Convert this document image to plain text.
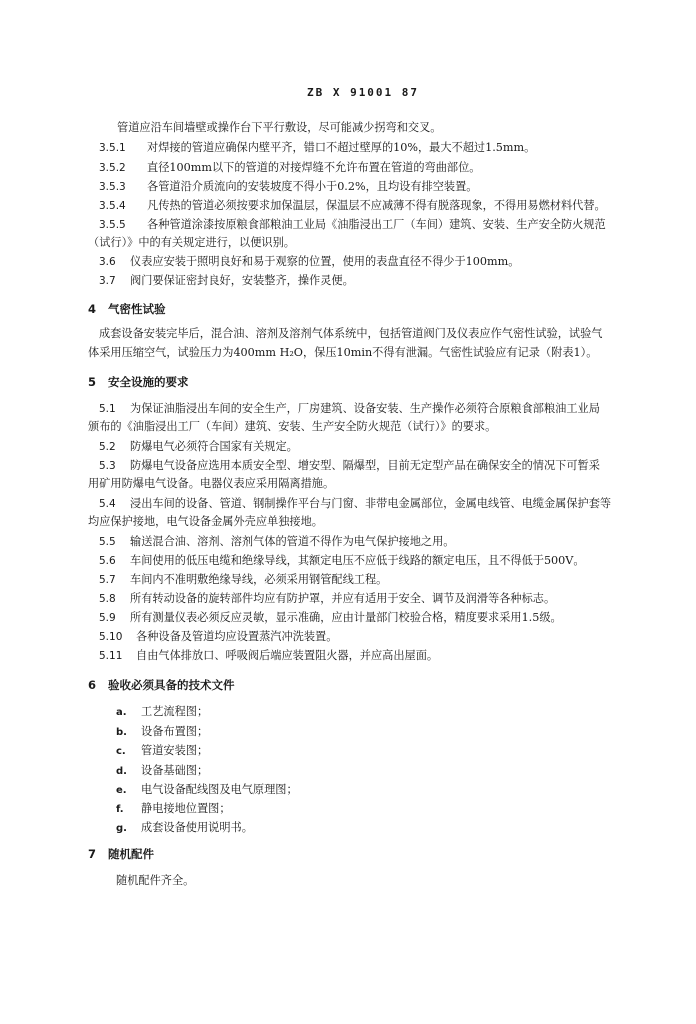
ZB X 91001 87
管道应沿车间墙壁或操作台下平行敷设，尽可能减少拐弯和交叉。
3.5.1 对焊接的管道应确保内壁平齐，错口不超过壁厚的10%，最大不超过1.5mm。
3.5.2 直径100mm以下的管道的对接焊缝不允许布置在管道的弯曲部位。
3.5.3 各管道沿介质流向的安装坡度不得小于0.2%，且均设有排空装置。
3.5.4 凡传热的管道必须按要求加保温层，保温层不应减薄不得有脱落现象，不得用易燃材料代替。
3.5.5 各种管道涂漆按原粮食部粮油工业局《油脂浸出工厂（车间）建筑、安装、生产安全防火规范
（试行）》中的有关规定进行，以便识别。
3.6 仪表应安装于照明良好和易于观察的位置，使用的表盘直径不得少于100mm。
3.7 阀门要保证密封良好，安装整齐，操作灵便。
4 气密性试验
成套设备安装完毕后，混合油、溶剂及溶剂气体系统中，包括管道阀门及仪表应作气密性试验，试验气
体采用压缩空气，试验压力为400mm H₂O，保压10min不得有泄漏。气密性试验应有记录（附表1）。
5 安全设施的要求
5.1 为保证油脂浸出车间的安全生产，厂房建筑、设备安装、生产操作必须符合原粮食部粮油工业局
颁布的《油脂浸出工厂（车间）建筑、安装、生产安全防火规范（试行）》的要求。
5.2 防爆电气必须符合国家有关规定。
5.3 防爆电气设备应选用本质安全型、增安型、隔爆型，目前无定型产品在确保安全的情况下可暂采
用矿用防爆电气设备。电器仪表应采用隔离措施。
5.4 浸出车间的设备、管道、钢制操作平台与门窗、非带电金属部位，金属电线管、电缆金属保护套等
均应保护接地，电气设备金属外壳应单独接地。
5.5 输送混合油、溶剂、溶剂气体的管道不得作为电气保护接地之用。
5.6 车间使用的低压电缆和绝缘导线，其额定电压不应低于线路的额定电压，且不得低于500V。
5.7 车间内不准明敷绝缘导线，必须采用钢管配线工程。
5.8 所有转动设备的旋转部件均应有防护罩，并应有适用于安全、调节及润滑等各种标志。
5.9 所有测量仪表必须反应灵敏，显示准确，应由计量部门校验合格，精度要求采用1.5级。
5.10 各种设备及管道均应设置蒸汽冲洗装置。
5.11 自由气体排放口、呼吸阀后端应装置阻火器，并应高出屋面。
6 验收必须具备的技术文件
a. 工艺流程图；
b. 设备布置图；
c. 管道安装图；
d. 设备基础图；
e. 电气设备配线图及电气原理图；
f. 静电接地位置图；
g. 成套设备使用说明书。
7 随机配件
随机配件齐全。
